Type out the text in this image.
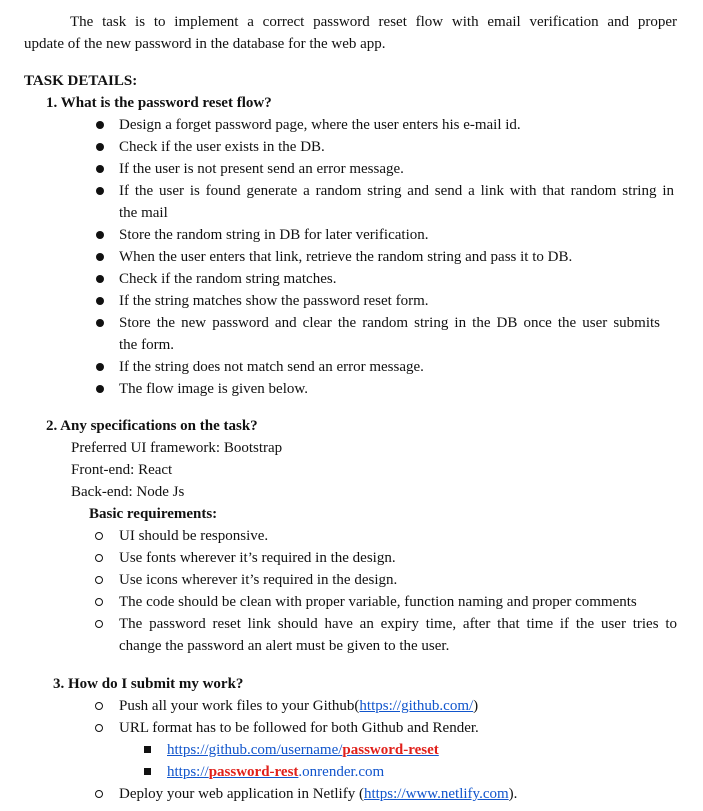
The task is to implement a correct password reset flow with email verification and proper
update of the new password in the database for the web app.
TASK DETAILS:
1. What is the password reset flow?
Design a forget password page, where the user enters his e-mail id.
Check if the user exists in the DB.
If the user is not present send an error message.
If the user is found generate a random string and send a link with that random string in
the mail
Store the random string in DB for later verification.
When the user enters that link, retrieve the random string and pass it to DB.
Check if the random string matches.
If the string matches show the password reset form.
Store the new password and clear the random string in the DB once the user submits
the form.
If the string does not match send an error message.
The flow image is given below.
2. Any specifications on the task?
Preferred UI framework: Bootstrap
Front-end: React
Back-end: Node Js
Basic requirements:
UI should be responsive.
Use fonts wherever it’s required in the design.
Use icons wherever it’s required in the design.
The code should be clean with proper variable, function naming and proper comments
The password reset link should have an expiry time, after that time if the user tries to
change the password an alert must be given to the user.
3. How do I submit my work?
Push all your work files to your Github(https://github.com/)
URL format has to be followed for both Github and Render.
https://github.com/username/password-reset
https://password-rest.onrender.com
Deploy your web application in Netlify (https://www.netlify.com).
